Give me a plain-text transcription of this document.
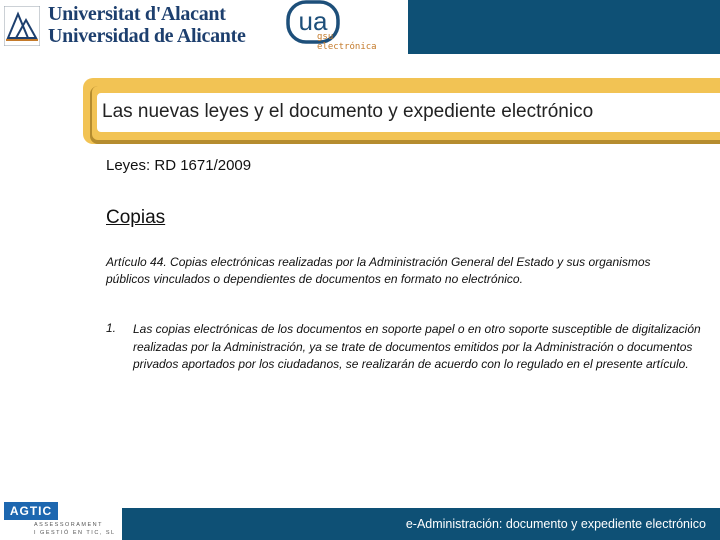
Universitat d'Alacant
Universidad de Alicante ua
gsu
electrónica
Las nuevas leyes y el documento y expediente electrónico
Leyes: RD 1671/2009
Copias
Artículo 44. Copias electrónicas realizadas por la Administración General del Estado y sus organismos públicos vinculados o dependientes de documentos en formato no electrónico.
1. Las copias electrónicas de los documentos en soporte papel o en otro soporte susceptible de digitalización realizadas por la Administración, ya se trate de documentos emitidos por la Administración o documentos privados aportados por los ciudadanos, se realizarán de acuerdo con lo regulado en el presente artículo.
AGTIC
ASSESSORAMENT
I GESTIÓ EN TIC, SL
e-Administración: documento y expediente electrónico
